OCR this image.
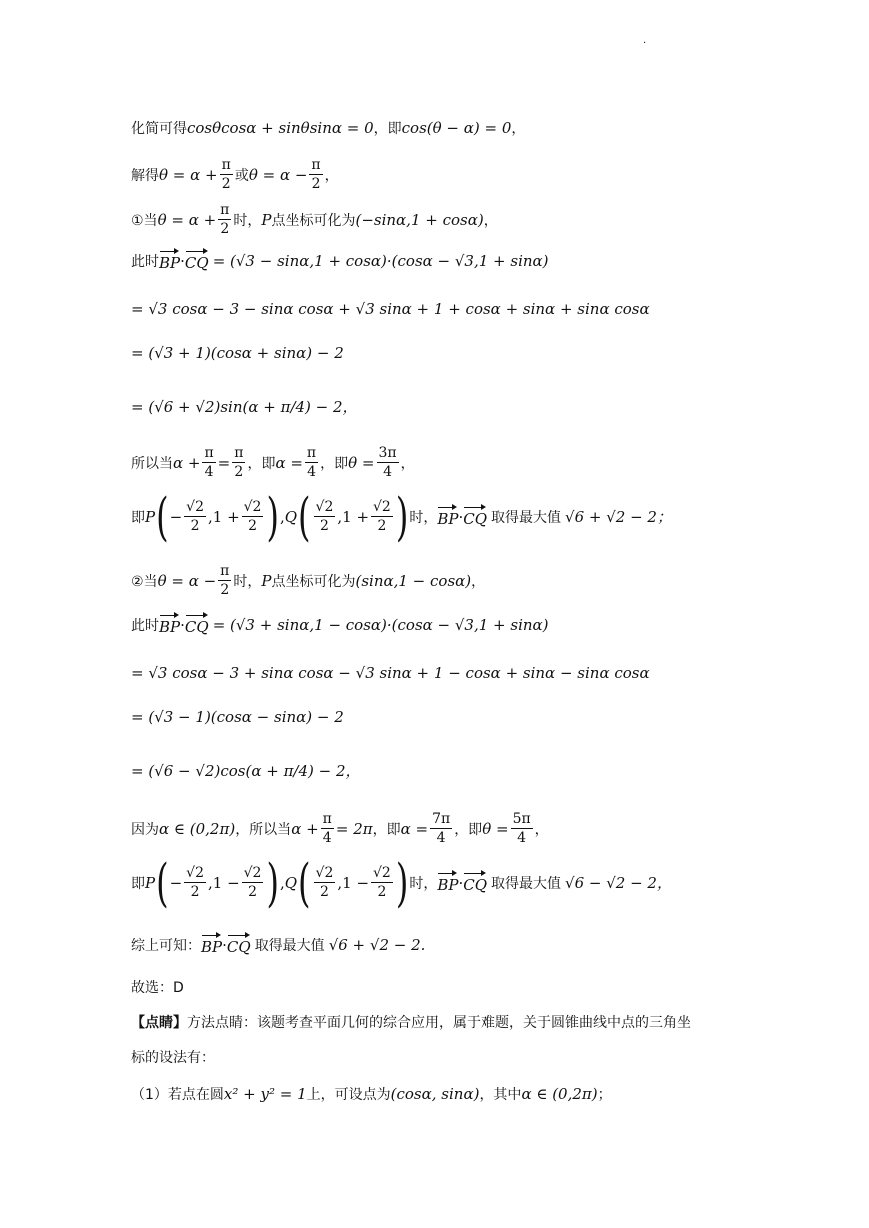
·
化简可得 cosθcosα + sinθsinα = 0 ，即 cos(θ − α) = 0 ，
解得 $\theta = \alpha + \frac{\pi}{2}$ 或 $\theta = \alpha - \frac{\pi}{2}$ ，
①当 $\theta = \alpha + \frac{\pi}{2}$ 时， P 点坐标可化为 (−sinα,1 + cosα) ，
此时 BP · CQ = (√3 − sinα,1 + cosα)·(cosα − √3,1 + sinα)
= √3 cosα − 3 − sinα cosα + √3 sinα + 1 + cosα + sinα + sinα cosα
= (√3 + 1)(cosα + sinα) − 2
= (√6 + √2)sin(α + π/4) − 2，
所以当 $\alpha + \frac{\pi}{4} = \frac{\pi}{2}$ ，即 $\alpha = \frac{\pi}{4}$ ，即 $\theta = \frac{3\pi}{4}$ ，
即 P ( − $\frac{√2}{2} ,1 + \frac{√2}{2}$ ) , Q ( $\frac{√2}{2} ,1 + \frac{√2}{2}$ ) 时， BP · CQ 取得最大值 √6 + √2 − 2；
②当 $\theta = \alpha - \frac{\pi}{2}$ 时， P 点坐标可化为 (sinα,1 − cosα) ，
此时 BP · CQ = (√3 + sinα,1 − cosα)·(cosα − √3,1 + sinα)
= √3 cosα − 3 + sinα cosα − √3 sinα + 1 − cosα + sinα − sinα cosα
= (√3 − 1)(cosα − sinα) − 2
= (√6 − √2)cos(α + π/4) − 2，
因为 α ∈ (0,2π) ，所以当 $\alpha + \frac{\pi}{4} = 2\pi$ ，即 $\alpha = \frac{7\pi}{4}$ ，即 $\theta = \frac{5\pi}{4}$ ，
即 P ( − $\frac{√2}{2} ,1 - \frac{√2}{2}$ ) , Q ( $\frac{√2}{2} ,1 - \frac{√2}{2}$ ) 时， BP · CQ 取得最大值 √6 − √2 − 2，
综上可知： BP · CQ 取得最大值 √6 + √2 − 2.
故选：D
【点睛】 方法点睛：该题考查平面几何的综合应用，属于难题，关于圆锥曲线中点的三角坐
标的设法有：
（1）若点在圆 x² + y² = 1 上，可设点为 (cosα, sinα) ，其中 α ∈ (0,2π) ；
